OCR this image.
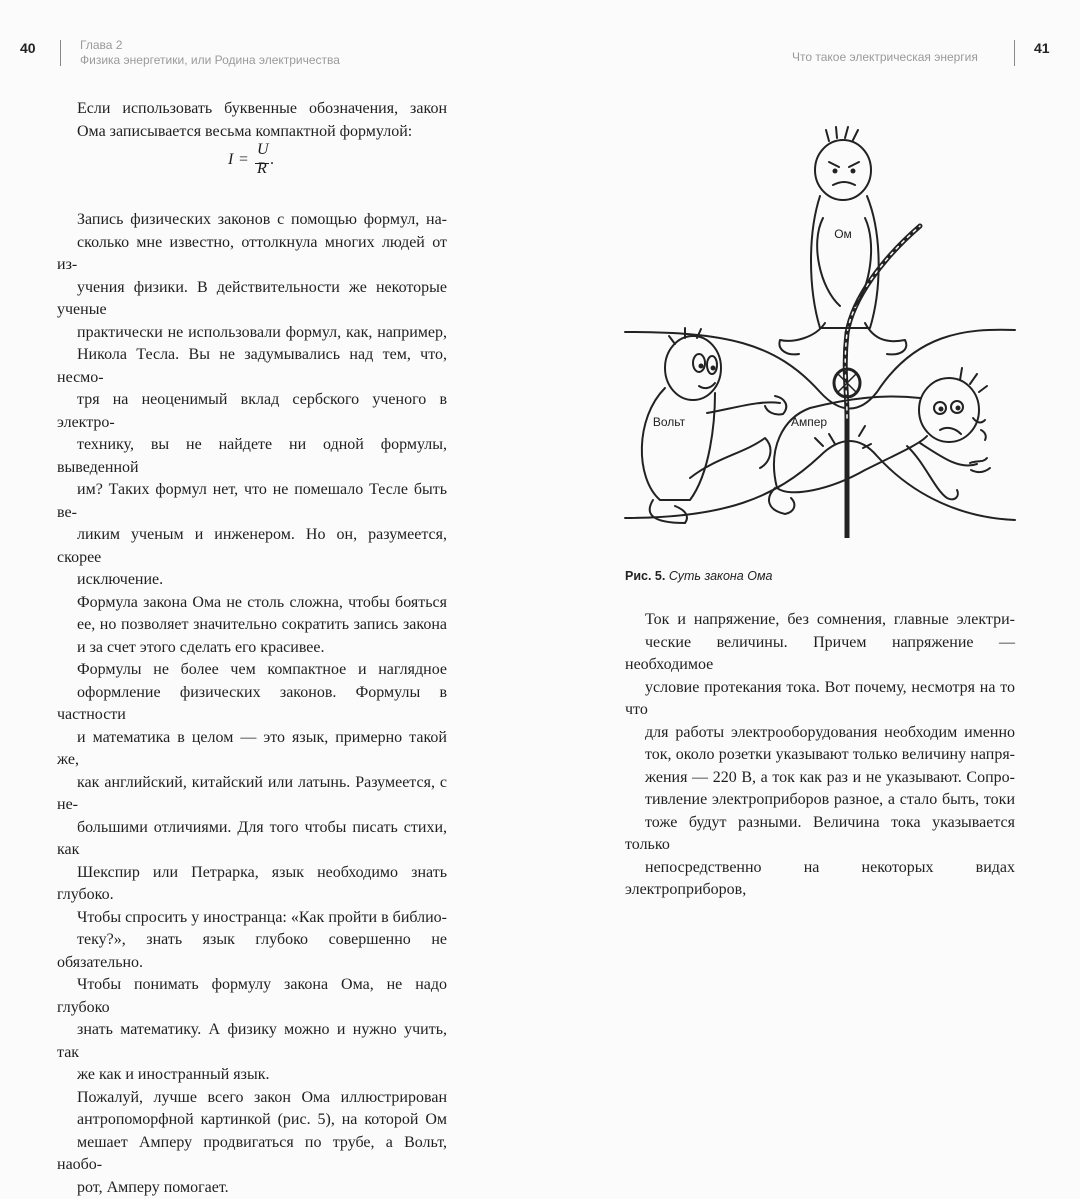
40	Глава 2
Физика энергетики, или Родина электричества	Что такое электрическая энергия
41

Если использовать буквенные обозначения, закон
Ома записывается весьма компактной формулой:

Запись физических законов с помощью формул, на-
сколько мне известно, оттолкнула многих людей от из-
учения физики. В действительности же некоторые ученые
практически не использовали формул, как, например,
Никола Тесла. Вы не задумывались над тем, что, несмо-
тря на неоценимый вклад сербского ученого в электро-
технику, вы не найдете ни одной формулы, выведенной
им? Таких формул нет, что не помешало Тесле быть ве-
ликим ученым и инженером. Но он, разумеется, скорее
исключение.

Формула закона Ома не столь сложна, чтобы бояться
ее, но позволяет значительно сократить запись закона
и за счет этого сделать его красивее.

Формулы не более чем компактное и наглядное
оформление физических законов. Формулы в частности
и математика в целом — это язык, примерно такой же,
как английский, китайский или латынь. Разумеется, с не-
большими отличиями. Для того чтобы писать стихи, как
Шекспир или Петрарка, язык необходимо знать глубоко.
Чтобы спросить у иностранца: «Как пройти в библио-
теку?», знать язык глубоко совершенно не обязательно.
Чтобы понимать формулу закона Ома, не надо глубоко
знать математику. А физику можно и нужно учить, так
же как и иностранный язык.

Пожалуй, лучше всего закон Ома иллюстрирован
антропоморфной картинкой (рис. 5), на которой Ом
мешает Амперу продвигаться по трубе, а Вольт, наобо-
рот, Амперу помогает.

I =
U
R
.
Ом
Вольт	Ампер
Рис. 5. Суть закона Ома

Ток и напряжение, без сомнения, главные электри-
ческие величины. Причем напряжение — необходимое
условие протекания тока. Вот почему, несмотря на то что
для работы электрооборудования необходим именно
ток, около розетки указывают только величину напря-
жения — 220 В, а ток как раз и не указывают. Сопро-
тивление электроприборов разное, а стало быть, токи
тоже будут разными. Величина тока указывается только
непосредственно на некоторых видах электроприборов,
